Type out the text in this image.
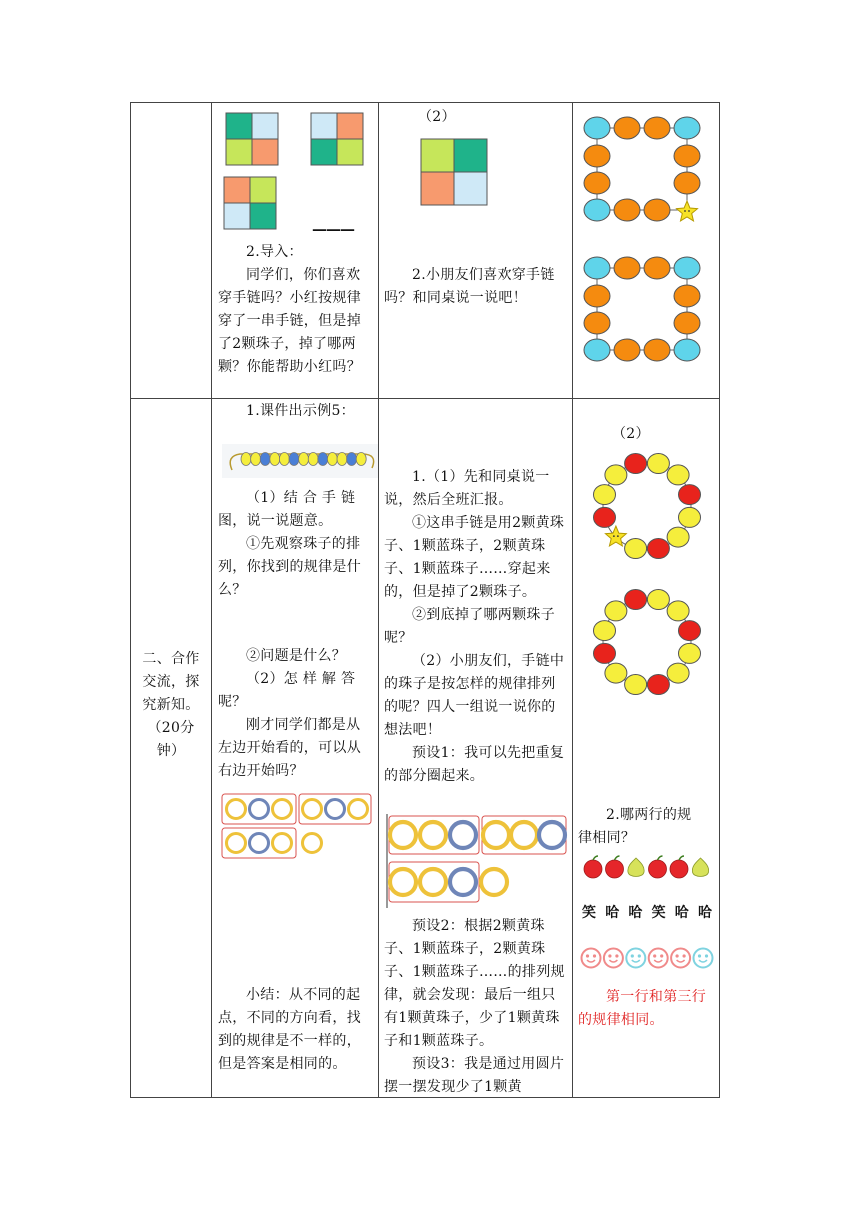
———

2.导入：

同学们，你们喜欢穿手链吗？小红按规律穿了一串手链，但是掉了2颗珠子，掉了哪两颗？你能帮助小红吗？

（2）

2.小朋友们喜欢穿手链吗？和同桌说一说吧！

二、合作
交流，探
究新知。
（20分
钟）

1.课件出示例5：

（1）结 合 手 链

图，说一说题意。

①先观察珠子的排列，你找到的规律是什么？

②问题是什么？

（2）怎 样 解 答

呢？

刚才同学们都是从左边开始看的，可以从右边开始吗？

小结：从不同的起点，不同的方向看，找到的规律是不一样的，但是答案是相同的。

1.（1）先和同桌说一说，然后全班汇报。

①这串手链是用2颗黄珠子、1颗蓝珠子，2颗黄珠子、1颗蓝珠子……穿起来的，但是掉了2颗珠子。

②到底掉了哪两颗珠子呢？

（2）小朋友们，手链中的珠子是按怎样的规律排列的呢？四人一组说一说你的想法吧！

预设1：我可以先把重复的部分圈起来。

预设2：根据2颗黄珠子、1颗蓝珠子，2颗黄珠子、1颗蓝珠子……的排列规律，就会发现：最后一组只有1颗黄珠子，少了1颗黄珠子和1颗蓝珠子。

预设3：我是通过用圆片摆一摆发现少了1颗黄

（2）

2.哪两行的规

律相同？

笑 哈 哈 笑 哈 哈

第一行和第三行的规律相同。
